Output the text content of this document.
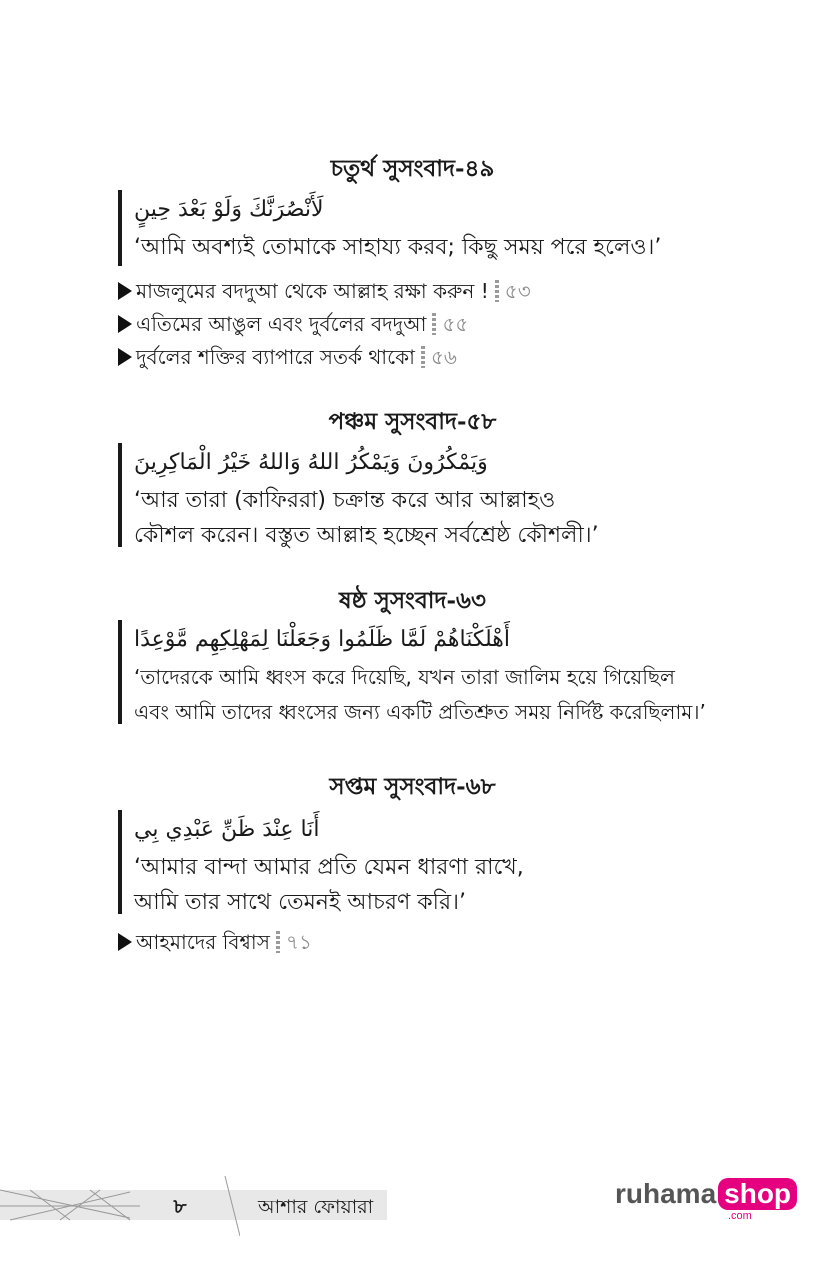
চতুর্থ সুসংবাদ-৪৯
لَأَنْصُرَنَّكَ وَلَوْ بَعْدَ حِينٍ
‘আমি অবশ্যই তোমাকে সাহায্য করব; কিছু সময় পরে হলেও।’
মাজলুমের বদদুআ থেকে আল্লাহ রক্ষা করুন ! ৫৩
এতিমের আঙুল এবং দুর্বলের বদদুআ ৫৫
দুর্বলের শক্তির ব্যাপারে সতর্ক থাকো ৫৬
পঞ্চম সুসংবাদ-৫৮
وَيَمْكُرُونَ وَيَمْكُرُ اللهُ وَاللهُ خَيْرُ الْمَاكِرِينَ
‘আর তারা (কাফিররা) চক্রান্ত করে আর আল্লাহও
কৌশল করেন। বস্তুত আল্লাহ হচ্ছেন সর্বশ্রেষ্ঠ কৌশলী।’
ষষ্ঠ সুসংবাদ-৬৩
أَهْلَكْنَاهُمْ لَمَّا ظَلَمُوا وَجَعَلْنَا لِمَهْلِكِهِم مَّوْعِدًا
‘তাদেরকে আমি ধ্বংস করে দিয়েছি, যখন তারা জালিম হয়ে গিয়েছিল
এবং আমি তাদের ধ্বংসের জন্য একটি প্রতিশ্রুত সময় নির্দিষ্ট করেছিলাম।’
সপ্তম সুসংবাদ-৬৮
أَنَا عِنْدَ ظَنِّ عَبْدِي بِي
‘আমার বান্দা আমার প্রতি যেমন ধারণা রাখে,
আমি তার সাথে তেমনই আচরণ করি।’
আহমাদের বিশ্বাস ৭১
৮	আশার ফোয়ারা	ruhama shop
.com
